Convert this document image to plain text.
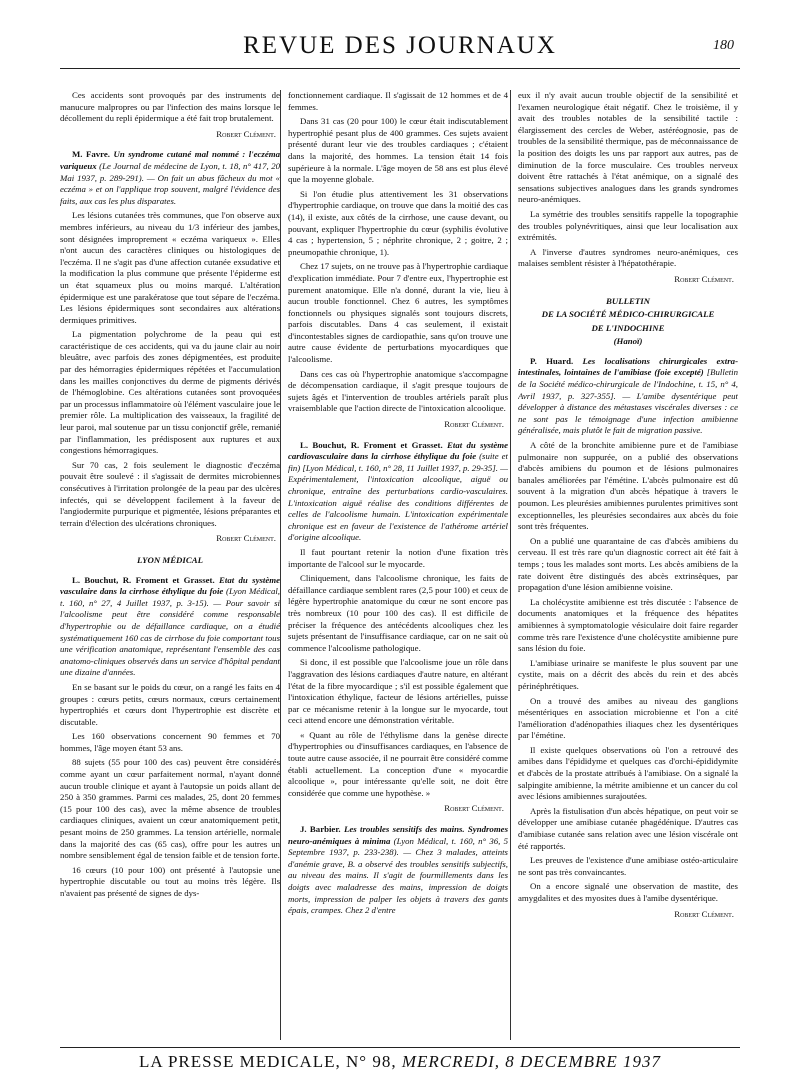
REVUE DES JOURNAUX	180

Ces accidents sont provoqués par des instruments de manucure malpropres ou par l'infection des mains lorsque le décollement du repli épidermique a été fait trop brutalement.

Robert Clément.

M. Favre. Un syndrome cutané mal nommé : l'eczéma variqueux (Le Journal de médecine de Lyon, t. 18, n° 417, 20 Mai 1937, p. 289-291). — On fait un abus fâcheux du mot « eczéma » et on l'applique trop souvent, malgré l'évidence des faits, aux cas les plus disparates.

Les lésions cutanées très communes, que l'on observe aux membres inférieurs, au niveau du 1/3 inférieur des jambes, sont désignées improprement « eczéma variqueux ». Elles n'ont aucun des caractères cliniques ou histologiques de l'eczéma. Il ne s'agit pas d'une affection cutanée exsudative et la modification la plus commune que présente l'épiderme est un état squameux plus ou moins marqué. L'altération épidermique est une parakératose que tout sépare de l'eczéma. Les lésions épidermiques sont secondaires aux altérations dermiques primitives.

La pigmentation polychrome de la peau qui est caractéristique de ces accidents, qui va du jaune clair au noir bleuâtre, avec parfois des zones dépigmentées, est produite par des hémorragies épidermiques répétées et l'accumulation dans les mailles conjonctives du derme de pigments dérivés de l'hémoglobine. Ces altérations cutanées sont provoquées par un processus inflammatoire où l'élément vasculaire joue le premier rôle. La multiplication des vaisseaux, la fragilité de leur paroi, mal soutenue par un tissu conjonctif grêle, remanié par l'inflammation, les prédisposent aux ruptures et aux congestions hémorragiques.

Sur 70 cas, 2 fois seulement le diagnostic d'eczéma pouvait être soulevé : il s'agissait de dermites microbiennes consécutives à l'irritation prolongée de la peau par des ulcères infectés, qui se développent facilement à la faveur de l'angiodermite purpurique et pigmentée, lésions préparantes et terrain d'élection des ulcérations chroniques.

Robert Clément.

LYON MÉDICAL

L. Bouchut, R. Froment et Grasset. Etat du système vasculaire dans la cirrhose éthylique du foie (Lyon Médical, t. 160, n° 27, 4 Juillet 1937, p. 3-15). — Pour savoir si l'alcoolisme peut être considéré comme responsable d'hypertrophie ou de défaillance cardiaque, on a étudié systématiquement 160 cas de cirrhose du foie comportant tous une vérification anatomique, représentant l'ensemble des cas anatomo-cliniques observés dans un service d'hôpital pendant une dizaine d'années.

En se basant sur le poids du cœur, on a rangé les faits en 4 groupes : cœurs petits, cœurs normaux, cœurs certainement hypertrophiés et cœurs dont l'hypertrophie est discrète et discutable.

Les 160 observations concernent 90 femmes et 70 hommes, l'âge moyen étant 53 ans.

88 sujets (55 pour 100 des cas) peuvent être considérés comme ayant un cœur parfaitement normal, n'ayant donné aucun trouble clinique et ayant à l'autopsie un poids allant de 250 à 350 grammes. Parmi ces malades, 25, dont 20 femmes (15 pour 100 des cas), avec la même absence de troubles cardiaques cliniques, avaient un cœur anatomiquement petit, pesant moins de 250 grammes. La tension artérielle, normale dans la majorité des cas (65 cas), offre pour les autres un nombre sensiblement égal de tension faible et de tension forte.

16 cœurs (10 pour 100) ont présenté à l'autopsie une hypertrophie discutable ou tout au moins très légère. Ils n'avaient pas présenté de signes de dys-

fonctionnement cardiaque. Il s'agissait de 12 hommes et de 4 femmes.

Dans 31 cas (20 pour 100) le cœur était indiscutablement hypertrophié pesant plus de 400 grammes. Ces sujets avaient présenté durant leur vie des troubles cardiaques ; c'étaient dans la majorité, des hommes. La tension était 14 fois supérieure à la normale. L'âge moyen de 58 ans est plus élevé que la moyenne globale.

Si l'on étudie plus attentivement les 31 observations d'hypertrophie cardiaque, on trouve que dans la moitié des cas (14), il existe, aux côtés de la cirrhose, une cause devant, ou pouvant, expliquer l'hypertrophie du cœur (syphilis évolutive 4 cas ; hypertension, 5 ; néphrite chronique, 2 ; goitre, 2 ; pneumopathie chronique, 1).

Chez 17 sujets, on ne trouve pas à l'hypertrophie cardiaque d'explication immédiate. Pour 7 d'entre eux, l'hypertrophie est purement anatomique. Elle n'a donné, durant la vie, lieu à aucun trouble fonctionnel. Chez 6 autres, les symptômes fonctionnels ou physiques signalés sont toujours discrets, parfois discutables. Dans 4 cas seulement, il existait d'incontestables signes de cardiopathie, sans qu'on trouve une autre cause évidente de perturbations myocardiques que l'alcoolisme.

Dans ces cas où l'hypertrophie anatomique s'accompagne de décompensation cardiaque, il s'agit presque toujours de sujets âgés et l'intervention de troubles artériels paraît plus vraisemblable que l'action directe de l'intoxication alcoolique.

Robert Clément.

L. Bouchut, R. Froment et Grasset. Etat du système cardiovasculaire dans la cirrhose éthylique du foie (suite et fin) [Lyon Médical, t. 160, n° 28, 11 Juillet 1937, p. 29-35]. — Expérimentalement, l'intoxication alcoolique, aiguë ou chronique, entraîne des perturbations cardio-vasculaires. L'intoxication aiguë réalise des conditions différentes de celles de l'alcoolisme humain. L'intoxication expérimentale chronique est en faveur de l'existence de l'athérome artériel d'origine alcoolique.

Il faut pourtant retenir la notion d'une fixation très importante de l'alcool sur le myocarde.

Cliniquement, dans l'alcoolisme chronique, les faits de défaillance cardiaque semblent rares (2,5 pour 100) et ceux de légère hypertrophie anatomique du cœur ne sont encore pas très nombreux (10 pour 100 des cas). Il est difficile de préciser la fréquence des antécédents alcooliques chez les sujets présentant de l'insuffisance cardiaque, car on ne sait où commence l'alcoolisme pathologique.

Si donc, il est possible que l'alcoolisme joue un rôle dans l'aggravation des lésions cardiaques d'autre nature, en altérant l'état de la fibre myocardique ; s'il est possible également que l'intoxication éthylique, facteur de lésions artérielles, puisse par ce mécanisme retenir à la longue sur le myocarde, tout ceci attend encore une démonstration véritable.

« Quant au rôle de l'éthylisme dans la genèse directe d'hypertrophies ou d'insuffisances cardiaques, en l'absence de toute autre cause associée, il ne pourrait être considéré comme établi actuellement. La conception d'une « myocardie alcoolique », pour intéressante qu'elle soit, ne doit être considérée que comme une hypothèse. »

Robert Clément.

J. Barbier. Les troubles sensitifs des mains. Syndromes neuro-anémiques à minima (Lyon Médical, t. 160, n° 36, 5 Septembre 1937, p. 233-238). — Chez 3 malades, atteints d'anémie grave, B. a observé des troubles sensitifs subjectifs, au niveau des mains. Il s'agit de fourmillements dans les doigts avec maladresse des mains, impression de doigts morts, impression de palper les objets à travers des gants épais, crampes. Chez 2 d'entre

eux il n'y avait aucun trouble objectif de la sensibilité et l'examen neurologique était négatif. Chez le troisième, il y avait des troubles notables de la sensibilité tactile : élargissement des cercles de Weber, astéréognosie, pas de troubles de la sensibilité thermique, pas de méconnaissance de la position des doigts les uns par rapport aux autres, pas de diminution de la force musculaire. Ces troubles nerveux doivent être rattachés à l'état anémique, on a signalé des sensations subjectives analogues dans les grands syndromes neuro-anémiques.

La symétrie des troubles sensitifs rappelle la topographie des troubles polynévritiques, ainsi que leur localisation aux extrémités.

A l'inverse d'autres syndromes neuro-anémiques, ces malaises semblent résister à l'hépatothérapie.

Robert Clément.

BULLETIN

DE LA SOCIÉTÉ MÉDICO-CHIRURGICALE

DE L'INDOCHINE

(Hanoï)

P. Huard. Les localisations chirurgicales extra-intestinales, lointaines de l'amibiase (foie excepté) [Bulletin de la Société médico-chirurgicale de l'Indochine, t. 15, n° 4, Avril 1937, p. 327-355]. — L'amibe dysentérique peut développer à distance des métastases viscérales diverses : ce ne sont pas le témoignage d'une infection amibienne généralisée, mais plutôt le fait de migration passive.

A côté de la bronchite amibienne pure et de l'amibiase pulmonaire non suppurée, on a publié des observations d'abcès amibiens du poumon et de lésions pulmonaires banales améliorées par l'émétine. L'abcès pulmonaire est dû souvent à la migration d'un abcès hépatique à travers le poumon. Les pleurésies amibiennes purulentes primitives sont exceptionnelles, les pleurésies secondaires aux abcès du foie sont très fréquentes.

On a publié une quarantaine de cas d'abcès amibiens du cerveau. Il est très rare qu'un diagnostic correct ait été fait à temps ; tous les malades sont morts. Les abcès amibiens de la rate doivent être distingués des abcès extrinsèques, par propagation d'une lésion amibienne voisine.

La cholécystite amibienne est très discutée : l'absence de documents anatomiques et la fréquence des hépatites amibiennes à symptomatologie vésiculaire doit faire regarder comme très rare l'existence d'une cholécystite amibienne pure sans lésion du foie.

L'amibiase urinaire se manifeste le plus souvent par une cystite, mais on a décrit des abcès du rein et des abcès périnéphrétiques.

On a trouvé des amibes au niveau des ganglions mésentériques en association microbienne et l'on a cité l'amélioration d'adénopathies iliaques chez les dysentériques par l'émétine.

Il existe quelques observations où l'on a retrouvé des amibes dans l'épididyme et quelques cas d'orchi-épididymite et d'abcès de la prostate attribués à l'amibiase. On a signalé la salpingite amibienne, la métrite amibienne et un cancer du col avec lésions amibiennes surajoutées.

Après la fistulisation d'un abcès hépatique, on peut voir se développer une amibiase cutanée phagédénique. D'autres cas d'amibiase cutanée sans relation avec une lésion viscérale ont été rapportés.

Les preuves de l'existence d'une amibiase ostéo-articulaire ne sont pas très convaincantes.

On a encore signalé une observation de mastite, des amygdalites et des myosites dues à l'amibe dysentérique.

Robert Clément.

LA PRESSE MEDICALE, N° 98, MERCREDI, 8 DECEMBRE 1937
